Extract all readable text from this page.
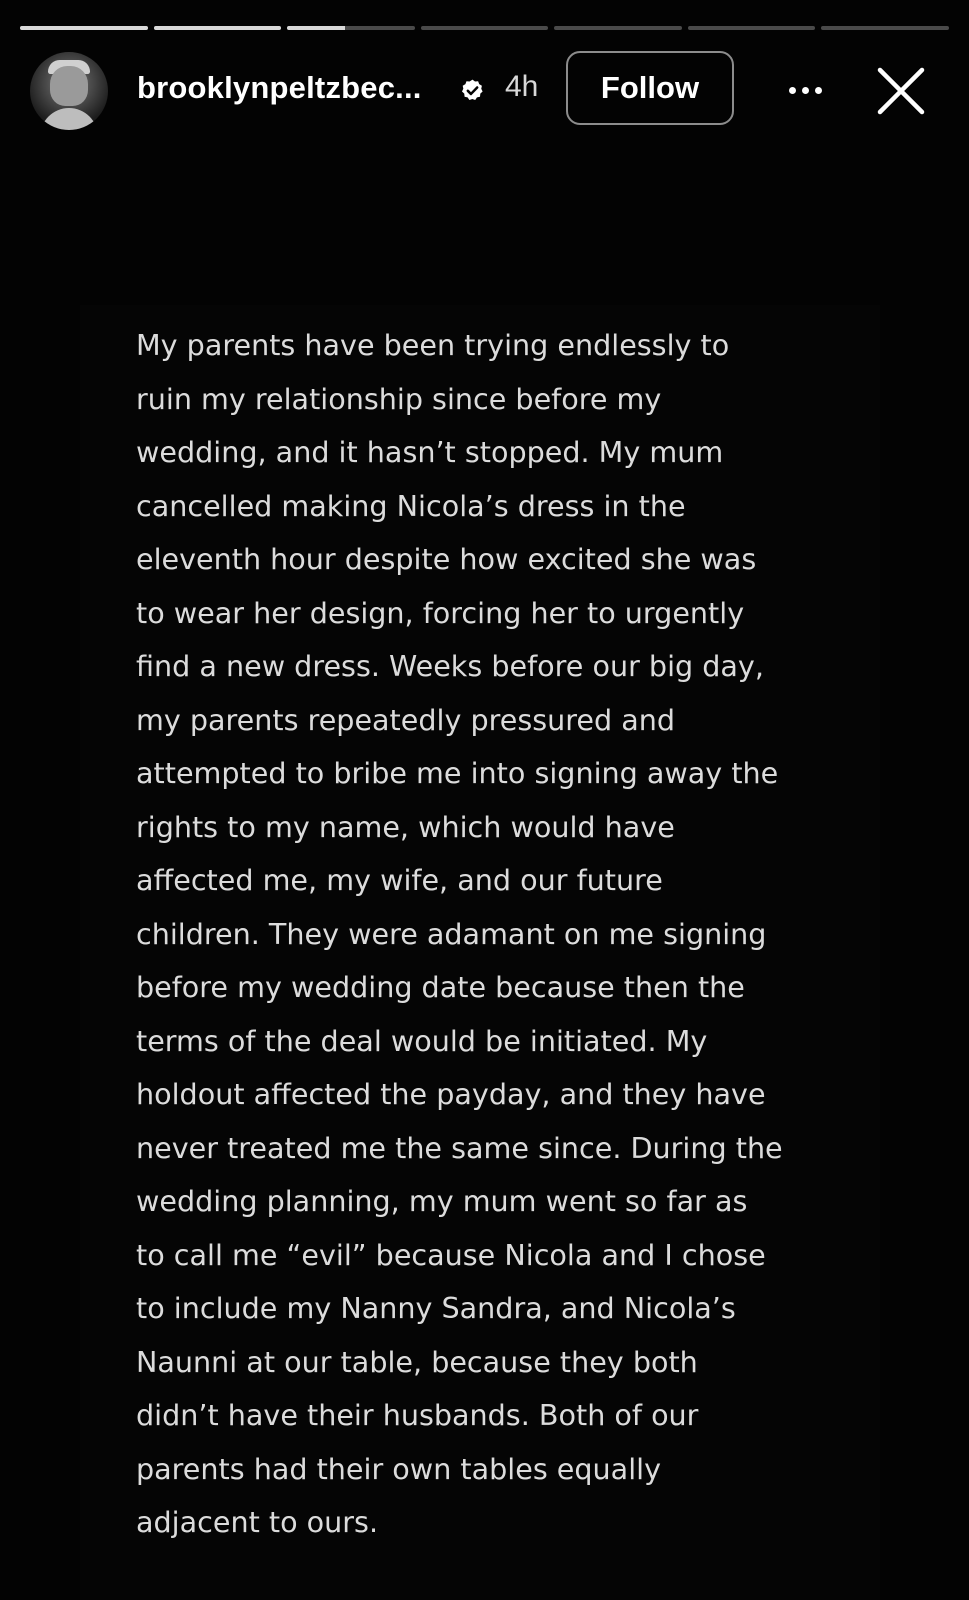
brooklynpeltzbec...	4h	Follow

My parents have been trying endlessly to
ruin my relationship since before my
wedding, and it hasn’t stopped. My mum
cancelled making Nicola’s dress in the
eleventh hour despite how excited she was
to wear her design, forcing her to urgently
find a new dress. Weeks before our big day,
my parents repeatedly pressured and
attempted to bribe me into signing away the
rights to my name, which would have
affected me, my wife, and our future
children. They were adamant on me signing
before my wedding date because then the
terms of the deal would be initiated. My
holdout affected the payday, and they have
never treated me the same since. During the
wedding planning, my mum went so far as
to call me “evil” because Nicola and I chose
to include my Nanny Sandra, and Nicola’s
Naunni at our table, because they both
didn’t have their husbands. Both of our
parents had their own tables equally
adjacent to ours.
